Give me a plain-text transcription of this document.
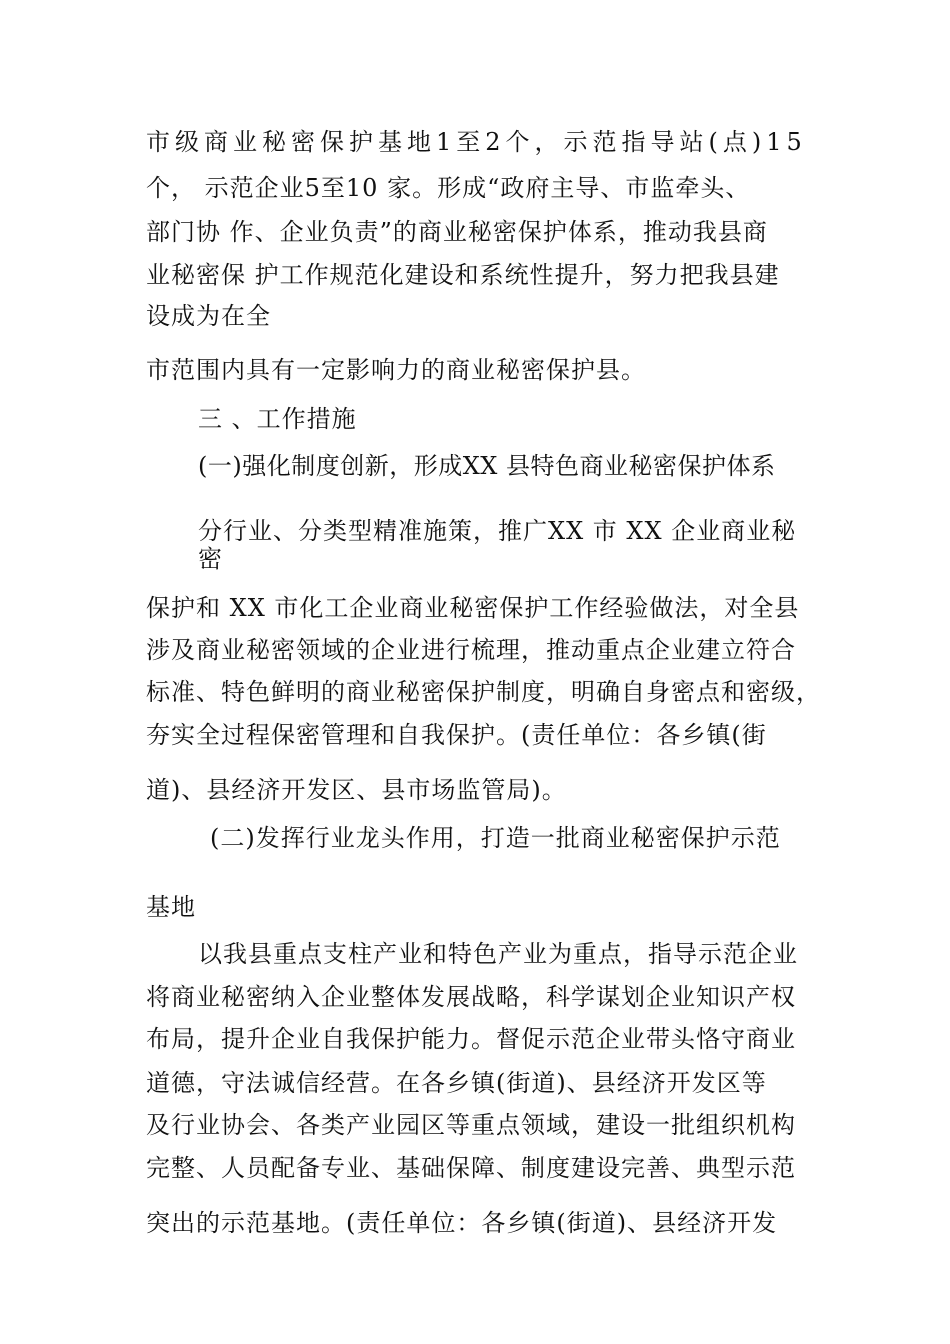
市级商业秘密保护基地1至2个，示范指导站(点)15
个， 示范企业5至10 家。形成“政府主导、市监牵头、
部门协 作、企业负责”的商业秘密保护体系，推动我县商
业秘密保 护工作规范化建设和系统性提升，努力把我县建
设成为在全
市范围内具有一定影响力的商业秘密保护县。
三 、工作措施
(一)强化制度创新，形成XX 县特色商业秘密保护体系
分行业、分类型精准施策，推广XX 市 XX 企业商业秘
密
保护和 XX 市化工企业商业秘密保护工作经验做法，对全县
涉及商业秘密领域的企业进行梳理，推动重点企业建立符合
标准、特色鲜明的商业秘密保护制度，明确自身密点和密级，
夯实全过程保密管理和自我保护。(责任单位：各乡镇(街
道)、县经济开发区、县市场监管局)。
(二)发挥行业龙头作用，打造一批商业秘密保护示范
基地
以我县重点支柱产业和特色产业为重点，指导示范企业
将商业秘密纳入企业整体发展战略，科学谋划企业知识产权
布局，提升企业自我保护能力。督促示范企业带头恪守商业
道德，守法诚信经营。在各乡镇(街道)、县经济开发区等
及行业协会、各类产业园区等重点领域，建设一批组织机构
完整、人员配备专业、基础保障、制度建设完善、典型示范
突出的示范基地。(责任单位：各乡镇(街道)、县经济开发
